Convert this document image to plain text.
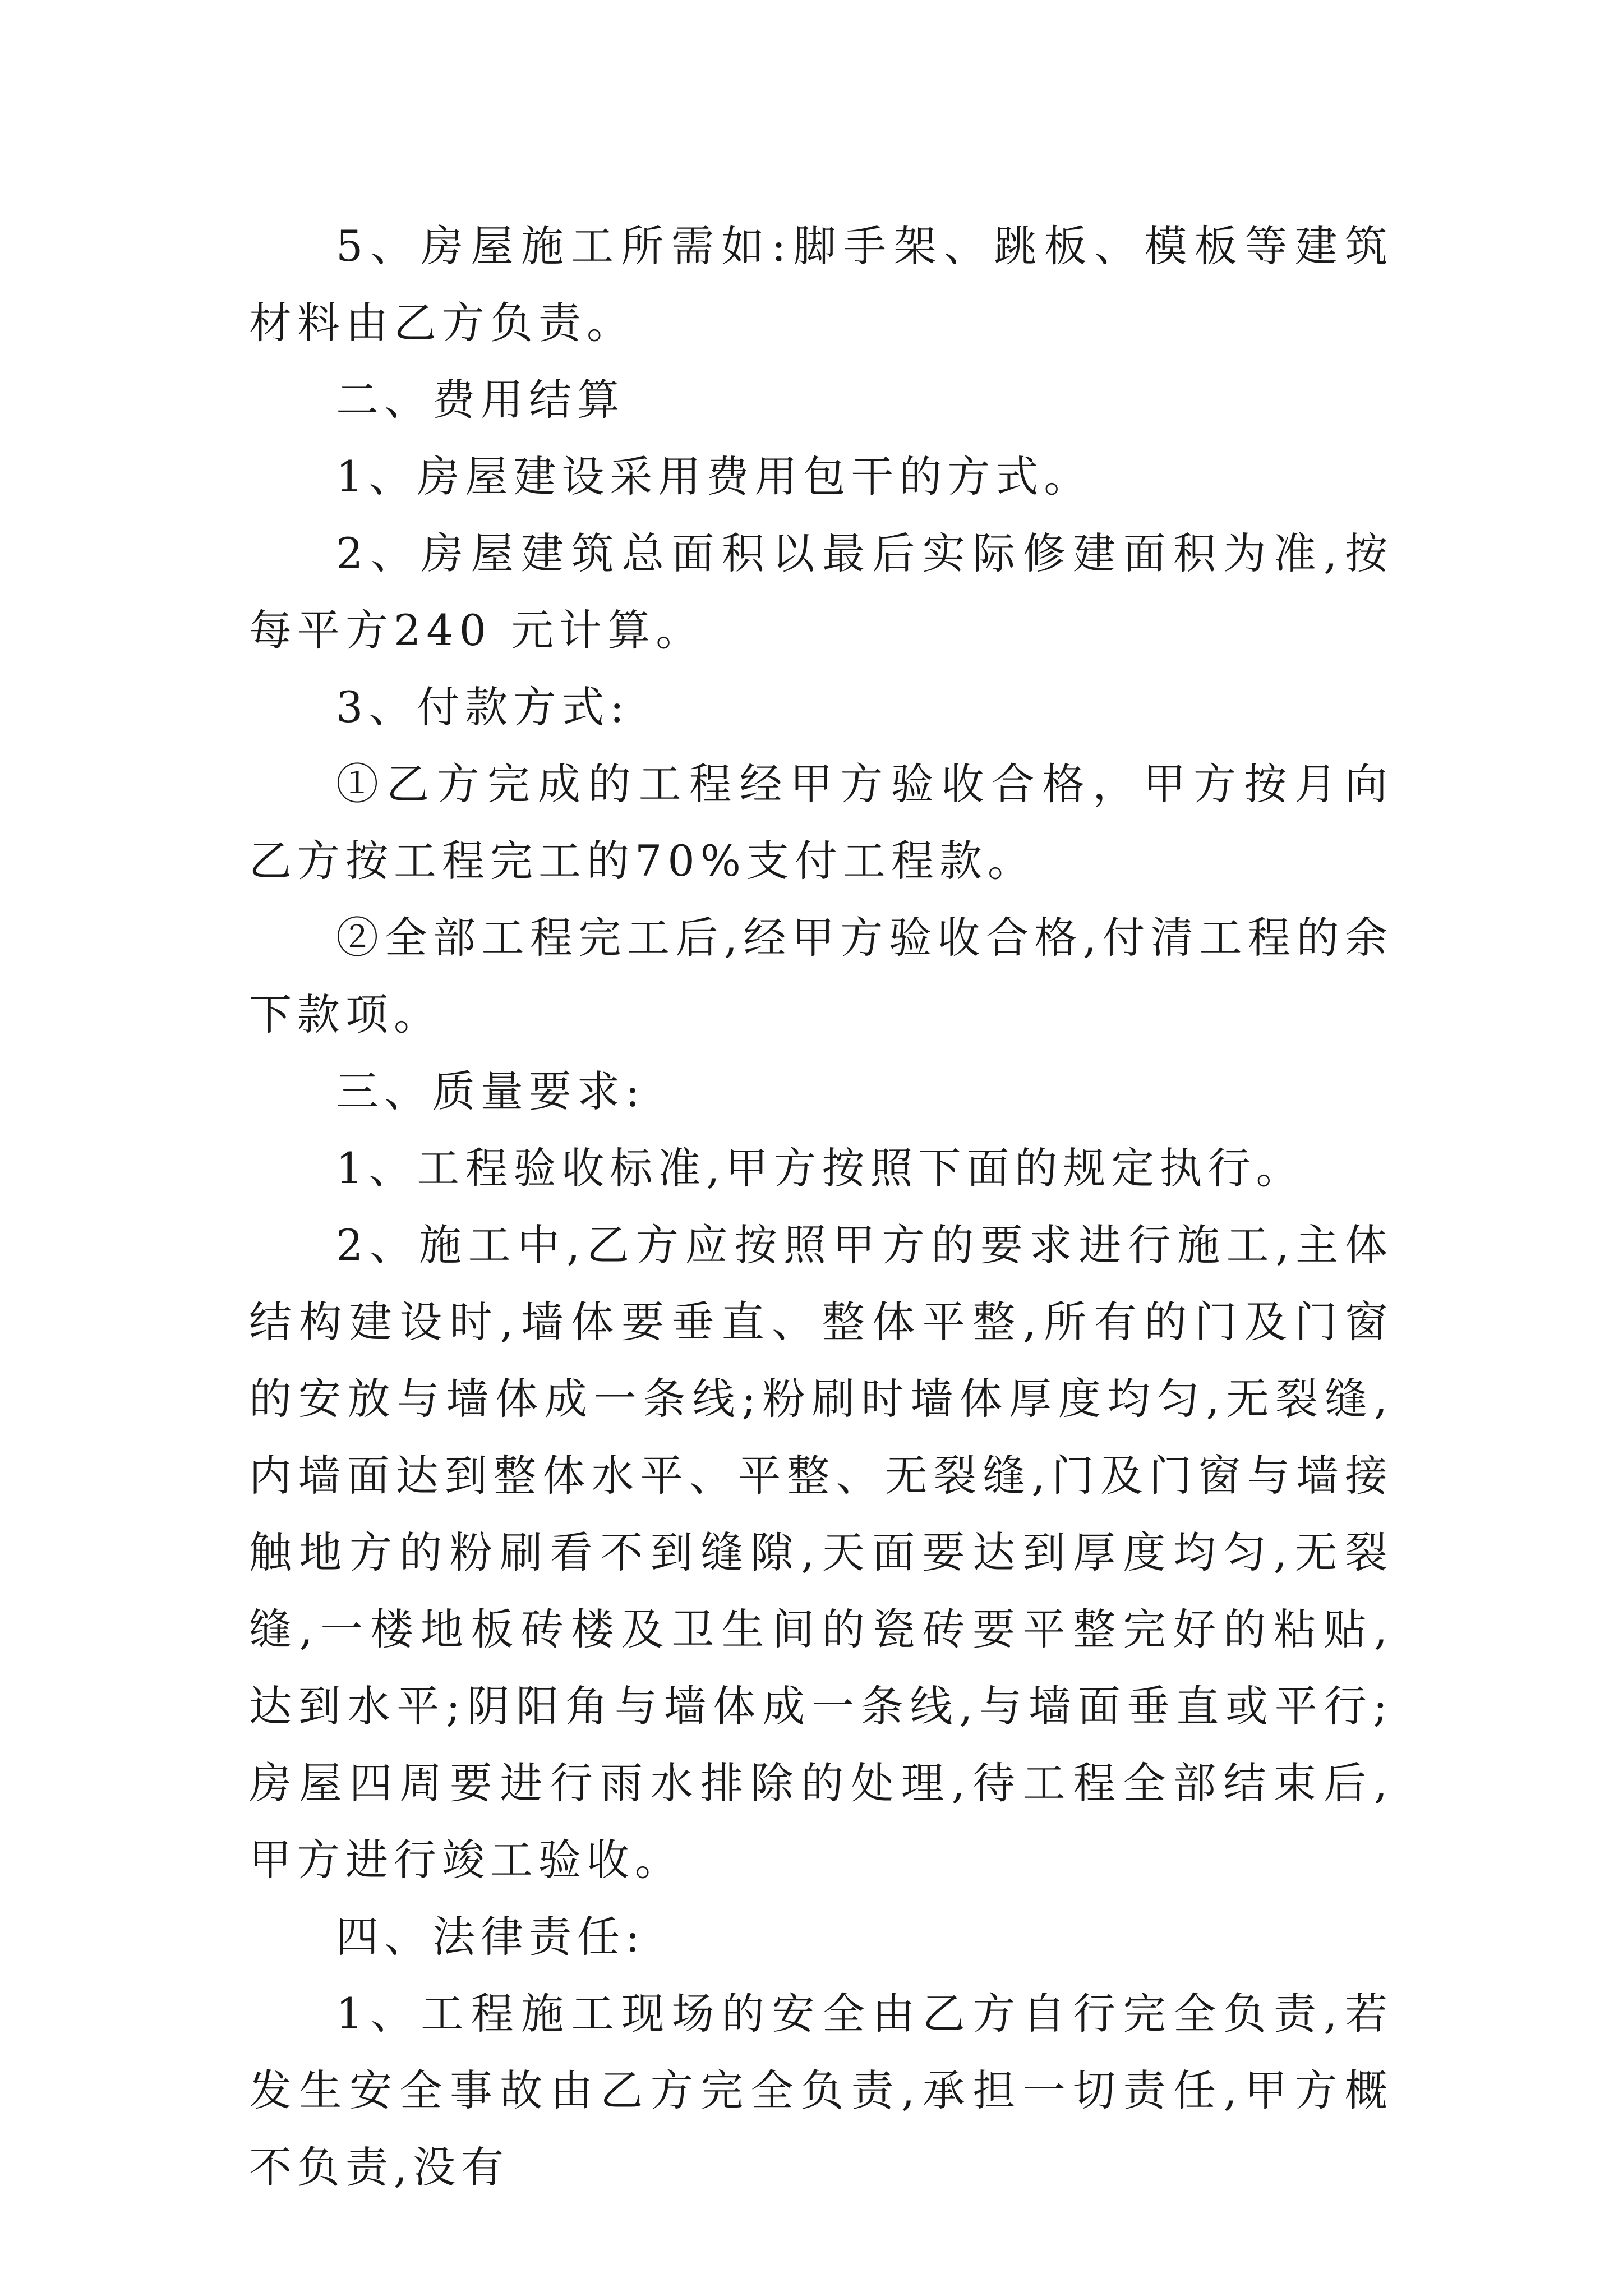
5、房屋施工所需如:脚手架、跳板、模板等建筑材料由乙方负责。

二、费用结算

1、房屋建设采用费用包干的方式。

2、房屋建筑总面积以最后实际修建面积为准,按每平方240 元计算。

3、付款方式:

①乙方完成的工程经甲方验收合格，甲方按月向乙方按工程完工的70%支付工程款。

②全部工程完工后,经甲方验收合格,付清工程的余下款项。

三、质量要求:

1、工程验收标准,甲方按照下面的规定执行。

2、施工中,乙方应按照甲方的要求进行施工,主体结构建设时,墙体要垂直、整体平整,所有的门及门窗的安放与墙体成一条线;粉刷时墙体厚度均匀,无裂缝,内墙面达到整体水平、平整、无裂缝,门及门窗与墙接触地方的粉刷看不到缝隙,天面要达到厚度均匀,无裂缝,一楼地板砖楼及卫生间的瓷砖要平整完好的粘贴,达到水平;阴阳角与墙体成一条线,与墙面垂直或平行;房屋四周要进行雨水排除的处理,待工程全部结束后,甲方进行竣工验收。

四、法律责任:

1、工程施工现场的安全由乙方自行完全负责,若发生安全事故由乙方完全负责,承担一切责任,甲方概不负责,没有
